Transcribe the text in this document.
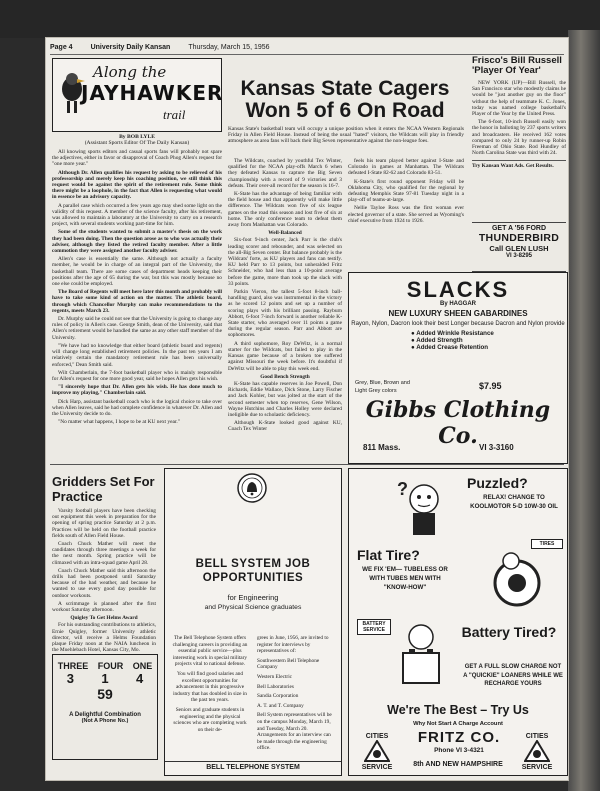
Page 4	University Daily Kansan	Thursday, March 15, 1956
Along the
JAYHAWKER
trail
By BOB LYLE
(Assistant Sports Editor Of The Daily Kansan)

All knowing sports editors and casual sports fans will probably not spare the adjectives, either in favor or disapproval of Coach Phog Allen's request for "one more year."

Although Dr. Allen qualifies his request by asking to be relieved of his professorship and merely keep his coaching position, we still think this request would be against the spirit of the retirement rule. Some think there might be a loophole, in the fact that Allen is requesting what would in essence be an advisory capacity.

A parallel case which occurred a few years ago may shed some light on the validity of this request. A member of the science faculty, after his retirement, was allowed to maintain a laboratory at the University to carry on a research project, with several students working part-time for him.

Some of the students wanted to submit a master's thesis on the work they had been doing. Then the question arose as to who was actually their adviser, although they listed the retired faculty member. After a little commotion they were assigned another faculty adviser.

Allen's case is essentially the same. Although not actually a faculty member, he would be in charge of an integral part of the University, the basketball team. There are some cases of department heads keeping their positions after the age of 65 during the war, but this was mostly because no one else could be employed.

The Board of Regents will meet here later this month and probably will have to take some kind of action on the matter. The athletic board, through which Chancellor Murphy can make recommendations to the regents, meets March 23.

Dr. Murphy said he could not see that the University is going to change any rules of policy in Allen's case. George Smith, dean of the University, said that Allen's retirement would be handled the same as any other staff member of the University.

"We have had no knowledge that either board (athletic board and regents) will change long established retirement policies. In the past ten years I am relatively certain the mandatory retirement rule has been universally enforced," Dean Smith said.

Wilt Chamberlain, the 7-foot basketball player who is mainly responsible for Allen's request for one more good year, said he hopes Allen gets his wish.

"I sincerely hope that Dr. Allen gets his wish. He has done much to improve my playing," Chamberlain said.

Dick Harp, assistant basketball coach who is the logical choice to take over when Allen leaves, said he had complete confidence in whatever Dr. Allen and the University decide to do.

"No matter what happens, I hope to be at KU next year."

Kansas State Cagers Won 5 of 6 On Road
Kansas State's basketball team will occupy a unique position when it enters the NCAA Western Regionals Friday in Allen Field House. Instead of being the usual "hated" visitors, the Wildcats will play in friendly atmosphere as area fans will back their Big Seven representative against the non-league foes.

The Wildcats, coached by youthful Tex Winter, qualified for the NCAA play-offs March 6 when they defeated Kansas to capture the Big Seven championship with a record of 9 victories and 3 defeats. Their over-all record for the season is 16-7.

K-State has the advantage of being familiar with the field house and that apparently will make little difference. The Wildcats won five of six league games on the road this season and lost five of six at home. The only conference team to defeat them away from Manhattan was Colorado.

Well-Balanced

Six-foot 9-inch center, Jack Parr is the club's leading scorer and rebounder, and was selected on the all-Big Seven center. But balance probably is the Wildcats' forte, as KU players and fans can testify. KU held Parr to 13 points, but unheralded Fritz Schneider, who had less than a 10-point average before the game, more than took up the slack with 33 points.

Parkin Vieron, the tallest 5-foot 8-inch ball-handling guard, also was instrumental in the victory as he scored 12 points and set up a number of scoring plays with his brilliant passing. Rayburn Abbott, 6-foot 7-inch forward is another reliable K-State starter, who averaged over 11 points a game during the regular season. Parr and Abbott are sophomores.

A third sophomore, Roy DeWitz, is a normal starter for the Wildcats, but failed to play in the Kansas game because of a broken toe suffered against Missouri the week before. It's doubtful if DeWitz will be able to play this week end.

Good Bench Strength

K-State has capable reserves in Joe Powell, Don Richards, Eddie Wallace, Dick Stone, Larry Fischer and Jack Kohler, but was jolted at the start of the second semester when top reserves, Gene Wilson, Wayne Hutchins and Charles Holley were declared ineligible due to scholastic deficiency.

Although K-State looked good against KU, Coach Tex Winter

feels his team played better against I-State and Colorado in games at Manhattan. The Wildcats defeated I-State 82-62 and Colorado 83-51.

K-State's first round opponent Friday will be Oklahoma City, who qualified for the regional by defeating Memphis State 97-81 Tuesday night in a play-off of teams-at-large.

Nellie Tayloe Ross was the first woman ever elected governor of a state. She served as Wyoming's chief executive from 1924 to 1926.

Frisco's Bill Russell 'Player Of Year'

NEW YORK (UP)—Bill Russell, the San Francisco star who modestly claims he would be "just another guy on the floor" without the help of teammate K. C. Jones, today was named college basketball's Player of the Year by the United Press.

The 6-foot, 10-inch Russell easily won the honor in balloting by 237 sports writers and broadcasters. He received 162 votes compared to only 24 by runner-up Robin Freeman of Ohio State. Rod Hundley of North Carolina State was third with 24.

Try Kansan Want Ads. Get Results.
GET A '56 FORD
THUNDERBIRD
Call GLEN LUSH
VI 3-8295
SLACKS
By HAGGAR
NEW LUXURY SHEEN GABARDINES
Rayon, Nylon, Dacron look their best Longer because Dacron and Nylon provide
● Added Wrinkle Resistance
● Added Strength
● Added Crease Retention
Grey, Blue, Brown and
Light Grey colors	$7.95
Gibbs Clothing Co.
811 Mass.	VI 3-3160
Gridders Set For Practice

Varsity football players have been checking out equipment this week in preparation for the opening of spring practice Saturday at 2 p.m. Practices will be held on the football practice fields south of Allen Field House.

Coach Chuck Mather will meet the candidates through three meetings a week for the next month. Spring practice will be climaxed with an intra-squad game April 28.

Coach Chuck Mather said this afternoon the drills had been postponed until Saturday because of the bad weather, and because he wanted to use every good day possible for outdoor workouts.

A scrimmage is planned after the first workout Saturday afternoon.

Quigley To Get Helms Award

For his outstanding contributions to athletics, Ernie Quigley, former University athletic director, will receive a Helms Foundation plaque Friday noon at the NAIA luncheon in the Muehlebach Hotel, Kansas City, Mo.

THREE FOUR ONE
3 1 4
59
A Delightful Combination
(Not A Phone No.)
BELL SYSTEM JOB OPPORTUNITIES
for Engineering
and Physical Science graduates

The Bell Telephone System offers challenging careers in providing an essential public service—plus interesting work in special military projects vital to national defense.

You will find good salaries and excellent opportunities for advancement in this progressive industry that has doubled in size in the past ten years.

Seniors and graduate students in engineering and the physical sciences who are completing work on their de-

grees in June, 1956, are invited to register for interviews by representatives of:

Southwestern Bell Telephone Company

Western Electric

Bell Laboratories

Sandia Corporation

A. T. and T. Company

Bell System representatives will be on the campus Monday, March 19, and Tuesday, March 20. Arrangements for an interview can be made through the engineering office.

BELL TELEPHONE SYSTEM
?	Puzzled?
RELAX! CHANGE TO KOOLMOTOR 5-D 10W-30 OIL
Flat Tire?
WE FIX 'EM— TUBELESS OR WITH TUBES MEN WITH "KNOW-HOW"
TIRES
BATTERY SERVICE	Battery Tired?
GET A FULL SLOW CHARGE NOT A "QUICKIE" LOANERS WHILE WE RECHARGE YOURS
We're The Best – Try Us
Why Not Start A Charge Account
CITIES
SERVICE
FRITZ CO.
Phone VI 3-4321
CITIES
SERVICE
8th AND NEW HAMPSHIRE
